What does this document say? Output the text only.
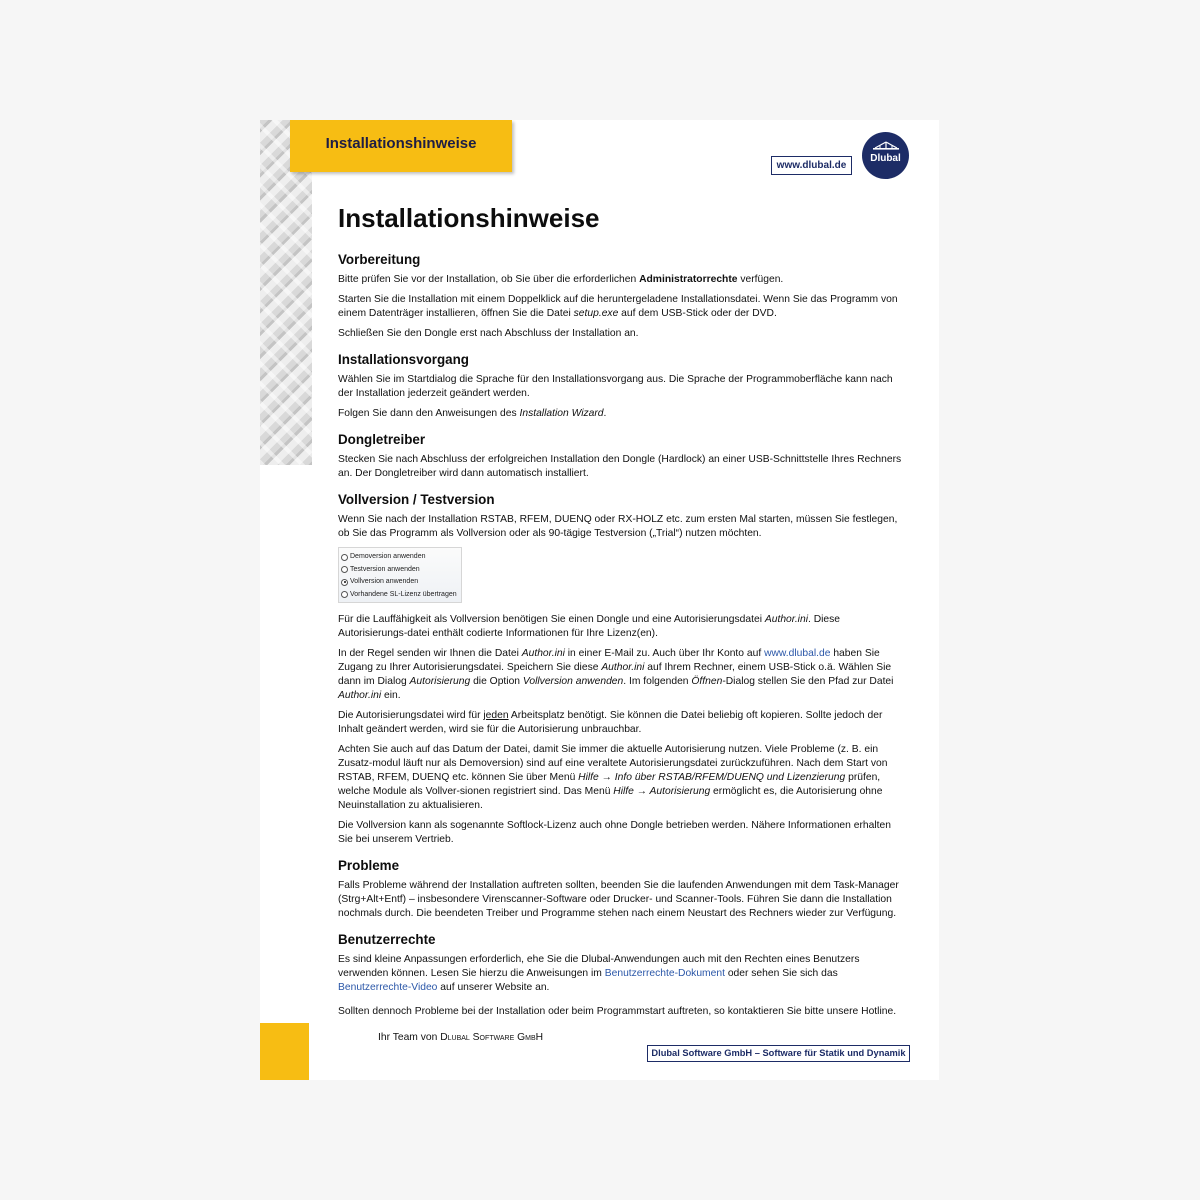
Installationshinweise
www.dlubal.de
Dlubal
Installationshinweise
Vorbereitung

Bitte prüfen Sie vor der Installation, ob Sie über die erforderlichen Administratorrechte verfügen.

Starten Sie die Installation mit einem Doppelklick auf die heruntergeladene Installationsdatei. Wenn Sie das Programm von einem Datenträger installieren, öffnen Sie die Datei setup.exe auf dem USB-Stick oder der DVD.

Schließen Sie den Dongle erst nach Abschluss der Installation an.

Installationsvorgang

Wählen Sie im Startdialog die Sprache für den Installationsvorgang aus. Die Sprache der Programmoberfläche kann nach der Installation jederzeit geändert werden.

Folgen Sie dann den Anweisungen des Installation Wizard.

Dongletreiber

Stecken Sie nach Abschluss der erfolgreichen Installation den Dongle (Hardlock) an einer USB-Schnittstelle Ihres Rechners an. Der Dongletreiber wird dann automatisch installiert.

Vollversion / Testversion

Wenn Sie nach der Installation RSTAB, RFEM, DUENQ oder RX-HOLZ etc. zum ersten Mal starten, müssen Sie festlegen, ob Sie das Programm als Vollversion oder als 90-tägige Testversion („Trial“) nutzen möchten.

Demoversion anwenden
Testversion anwenden
Vollversion anwenden
Vorhandene SL-Lizenz übertragen

Für die Lauffähigkeit als Vollversion benötigen Sie einen Dongle und eine Autorisierungsdatei Author.ini. Diese Autorisierungs-datei enthält codierte Informationen für Ihre Lizenz(en).

In der Regel senden wir Ihnen die Datei Author.ini in einer E-Mail zu. Auch über Ihr Konto auf www.dlubal.de haben Sie Zugang zu Ihrer Autorisierungsdatei. Speichern Sie diese Author.ini auf Ihrem Rechner, einem USB-Stick o.ä. Wählen Sie dann im Dialog Autorisierung die Option Vollversion anwenden. Im folgenden Öffnen-Dialog stellen Sie den Pfad zur Datei Author.ini ein.

Die Autorisierungsdatei wird für jeden Arbeitsplatz benötigt. Sie können die Datei beliebig oft kopieren. Sollte jedoch der Inhalt geändert werden, wird sie für die Autorisierung unbrauchbar.

Achten Sie auch auf das Datum der Datei, damit Sie immer die aktuelle Autorisierung nutzen. Viele Probleme (z. B. ein Zusatz-modul läuft nur als Demoversion) sind auf eine veraltete Autorisierungsdatei zurückzuführen. Nach dem Start von RSTAB, RFEM, DUENQ etc. können Sie über Menü Hilfe → Info über RSTAB/RFEM/DUENQ und Lizenzierung prüfen, welche Module als Vollver-sionen registriert sind. Das Menü Hilfe → Autorisierung ermöglicht es, die Autorisierung ohne Neuinstallation zu aktualisieren.

Die Vollversion kann als sogenannte Softlock-Lizenz auch ohne Dongle betrieben werden. Nähere Informationen erhalten Sie bei unserem Vertrieb.

Probleme

Falls Probleme während der Installation auftreten sollten, beenden Sie die laufenden Anwendungen mit dem Task-Manager (Strg+Alt+Entf) – insbesondere Virenscanner-Software oder Drucker- und Scanner-Tools. Führen Sie dann die Installation nochmals durch. Die beendeten Treiber und Programme stehen nach einem Neustart des Rechners wieder zur Verfügung.

Benutzerrechte

Es sind kleine Anpassungen erforderlich, ehe Sie die Dlubal-Anwendungen auch mit den Rechten eines Benutzers verwenden können. Lesen Sie hierzu die Anweisungen im Benutzerrechte-Dokument oder sehen Sie sich das Benutzerrechte-Video auf unserer Website an.

Sollten dennoch Probleme bei der Installation oder beim Programmstart auftreten, so kontaktieren Sie bitte unsere Hotline.

Ihr Team von Dlubal Software GmbH

Dlubal Software GmbH – Software für Statik und Dynamik
